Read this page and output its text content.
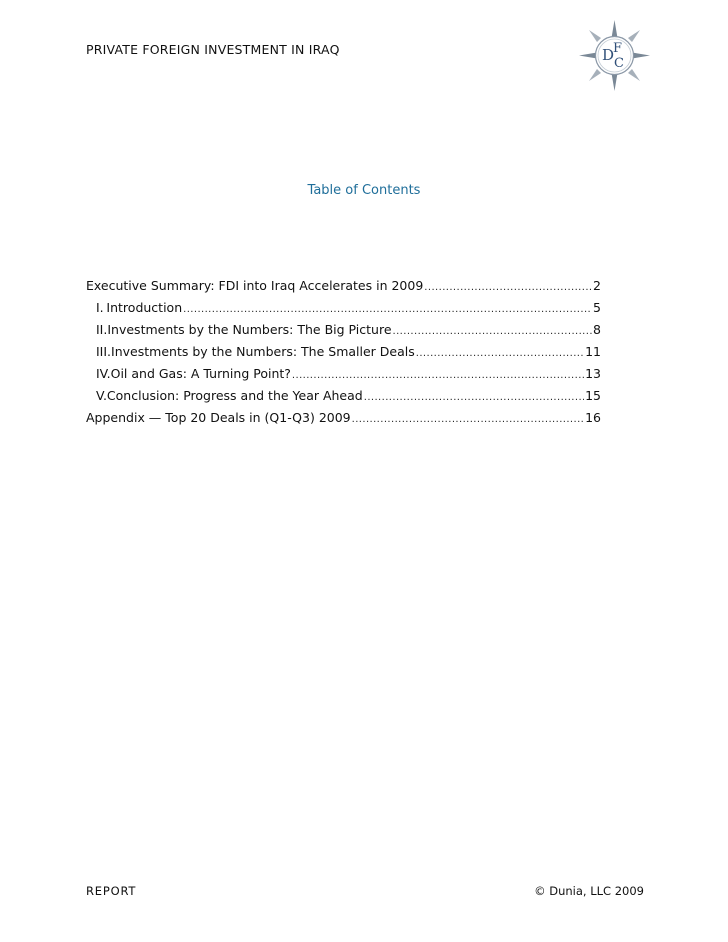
PRIVATE FOREIGN INVESTMENT IN IRAQ	D
F
C
Table of Contents
Executive Summary: FDI into Iraq Accelerates in 2009 .....	2
I. Introduction .....	5
II. Investments by the Numbers: The Big Picture .....	8
III. Investments by the Numbers: The Smaller Deals .....	11
IV. Oil and Gas: A Turning Point? .....	13
V. Conclusion: Progress and the Year Ahead .....	15
Appendix — Top 20 Deals in (Q1-Q3) 2009 .....	16
REPORT	© Dunia, LLC 2009
